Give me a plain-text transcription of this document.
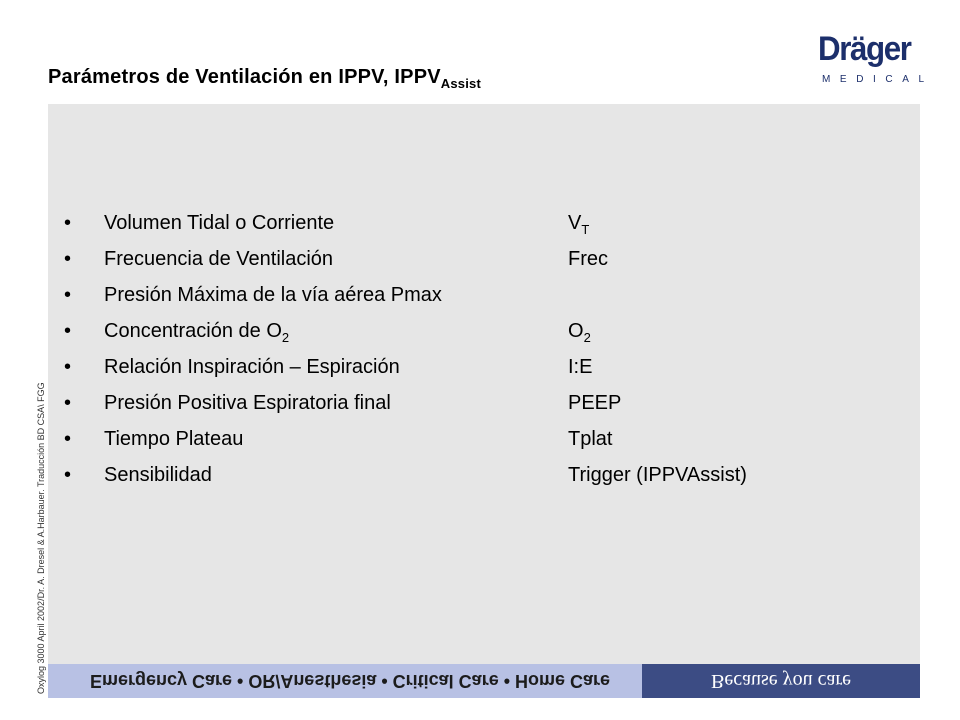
Parámetros de Ventilación en IPPV, $IPPV_{Assist}$
Dräger
MEDICAL
• Volumen Tidal o Corriente	$V_T$
• Frecuencia de Ventilación	Frec
• Presión Máxima de la vía aérea Pmax
• Concentración de $O_2$	$O_2$
• Relación Inspiración – Espiración	I:E
• Presión Positiva Espiratoria final	PEEP
• Tiempo Plateau	Tplat
• Sensibilidad	Trigger (IPPVAssist)
Emergency Care • OR/Anesthesia • Critical Care • Home Care	Because you care
Oxylog 3000 April 2002/Dr. A. Dresel & A.Harbauer. Traducción BD CSA\ FGG
